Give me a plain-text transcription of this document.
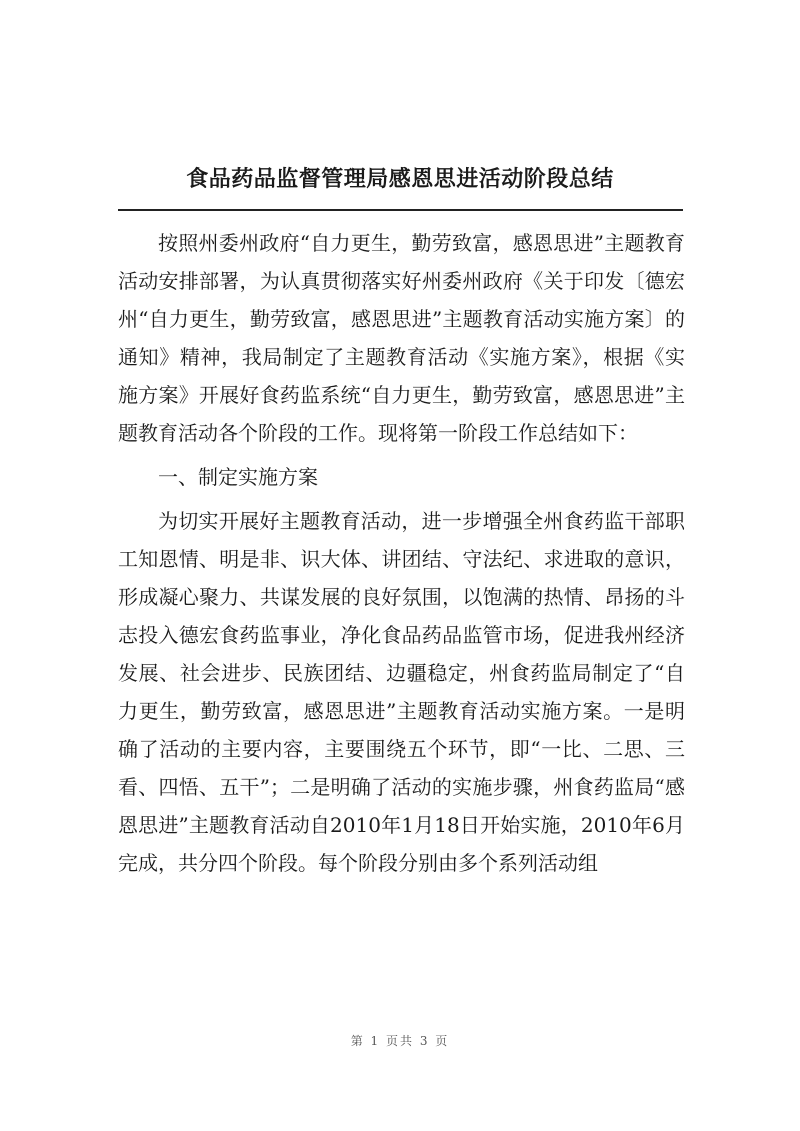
食品药品监督管理局感恩思进活动阶段总结

按照州委州政府“自力更生，勤劳致富，感恩思进”主题教育活动安排部署，为认真贯彻落实好州委州政府《关于印发〔德宏州“自力更生，勤劳致富，感恩思进”主题教育活动实施方案〕的通知》精神，我局制定了主题教育活动《实施方案》，根据《实施方案》开展好食药监系统“自力更生，勤劳致富，感恩思进”主题教育活动各个阶段的工作。现将第一阶段工作总结如下：

一、制定实施方案

为切实开展好主题教育活动，进一步增强全州食药监干部职工知恩情、明是非、识大体、讲团结、守法纪、求进取的意识，形成凝心聚力、共谋发展的良好氛围，以饱满的热情、昂扬的斗志投入德宏食药监事业，净化食品药品监管市场，促进我州经济发展、社会进步、民族团结、边疆稳定，州食药监局制定了“自力更生，勤劳致富，感恩思进”主题教育活动实施方案。一是明确了活动的主要内容，主要围绕五个环节，即“一比、二思、三看、四悟、五干”；二是明确了活动的实施步骤，州食药监局“感恩思进”主题教育活动自2010年1月18日开始实施，2010年6月完成，共分四个阶段。每个阶段分别由多个系列活动组

第 1 页共 3 页
